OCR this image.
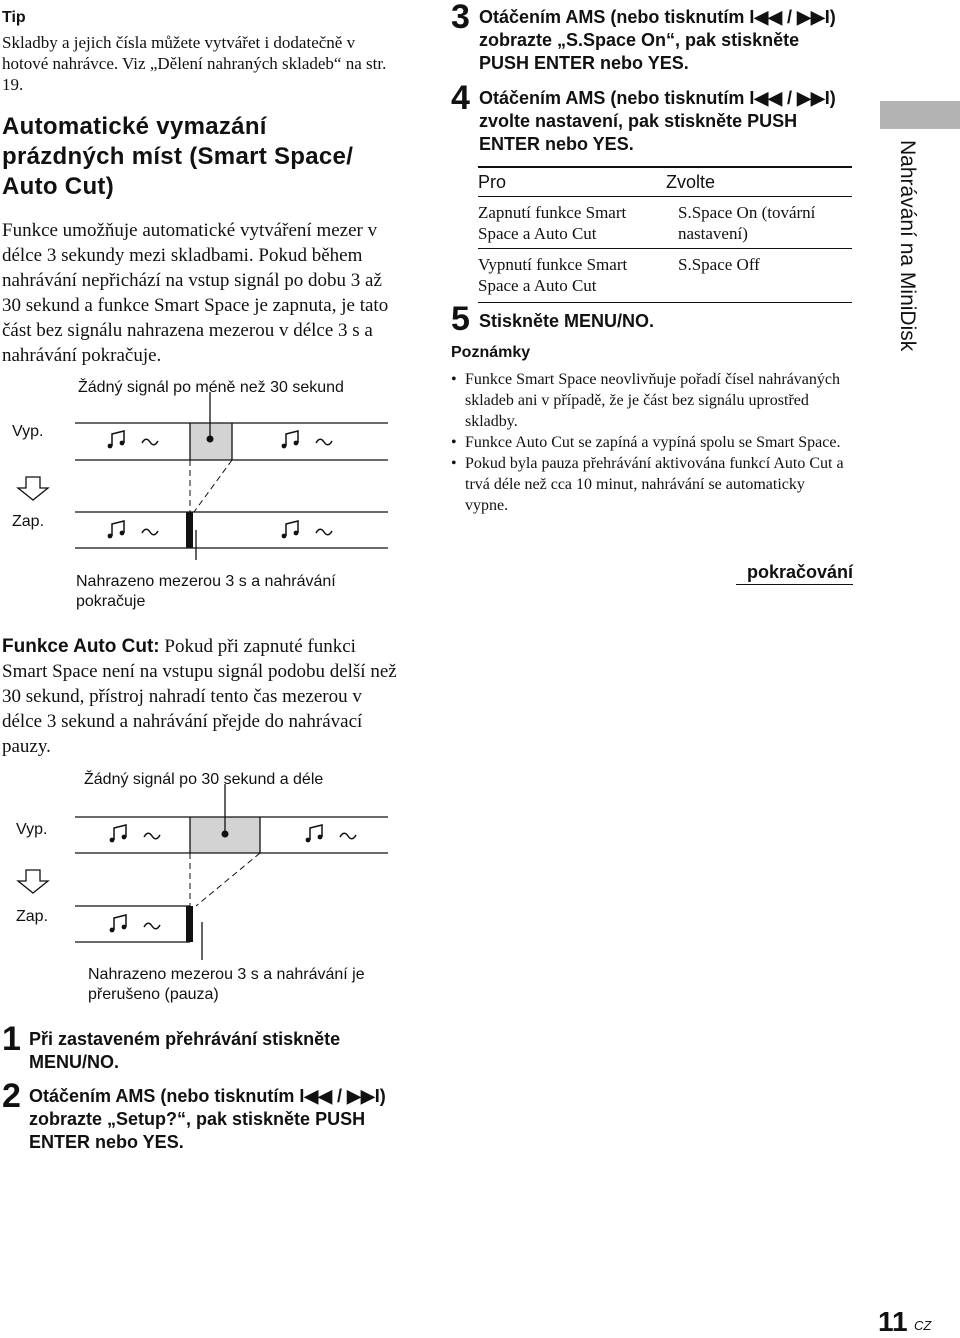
Tip
Skladby a jejich čísla můžete vytvářet i dodatečně v hotové nahrávce. Viz „Dělení nahraných skladeb“ na str. 19.
Automatické vymazání
prázdných míst (Smart Space/
Auto Cut)
Funkce umožňuje automatické vytváření mezer v délce 3 sekundy mezi skladbami. Pokud během nahrávání nepřichází na vstup signál po dobu 3 až 30 sekund a funkce Smart Space je zapnuta, je tato část bez signálu nahrazena mezerou v délce 3 s a nahrávání pokračuje.
Žádný signál po méně než 30 sekund
Vyp.
Zap.
Nahrazeno mezerou 3 s a nahrávání
pokračuje
Funkce Auto Cut: Pokud při zapnuté funkci Smart Space není na vstupu signál podobu delší než 30 sekund, přístroj nahradí tento čas mezerou v délce 3 sekund a nahrávání přejde do nahrávací pauzy.
Žádný signál po 30 sekund a déle
Vyp.
Zap.
Nahrazeno mezerou 3 s a nahrávání je
přerušeno (pauza)
1 Při zastaveném přehrávání stiskněte MENU/NO.
2 Otáčením AMS (nebo tisknutím I◀◀ / ▶▶I) zobrazte „Setup?“, pak stiskněte PUSH ENTER nebo YES.
3 Otáčením AMS (nebo tisknutím I◀◀ / ▶▶I) zobrazte „S.Space On“, pak stiskněte PUSH ENTER nebo YES.
4 Otáčením AMS (nebo tisknutím I◀◀ / ▶▶I) zvolte nastavení, pak stiskněte PUSH ENTER nebo YES.
Pro	Zvolte
Zapnutí funkce Smart Space a Auto Cut	S.Space On (tovární nastavení)
Vypnutí funkce Smart Space a Auto Cut	S.Space Off
5 Stiskněte MENU/NO.
Poznámky
• Funkce Smart Space neovlivňuje pořadí čísel nahrávaných skladeb ani v případě, že je část bez signálu uprostřed skladby.
• Funkce Auto Cut se zapíná a vypíná spolu se Smart Space.
• Pokud byla pauza přehrávání aktivována funkcí Auto Cut a trvá déle než cca 10 minut, nahrávání se automaticky vypne.
pokračování
Nahrávání na MiniDisk
11 CZ
